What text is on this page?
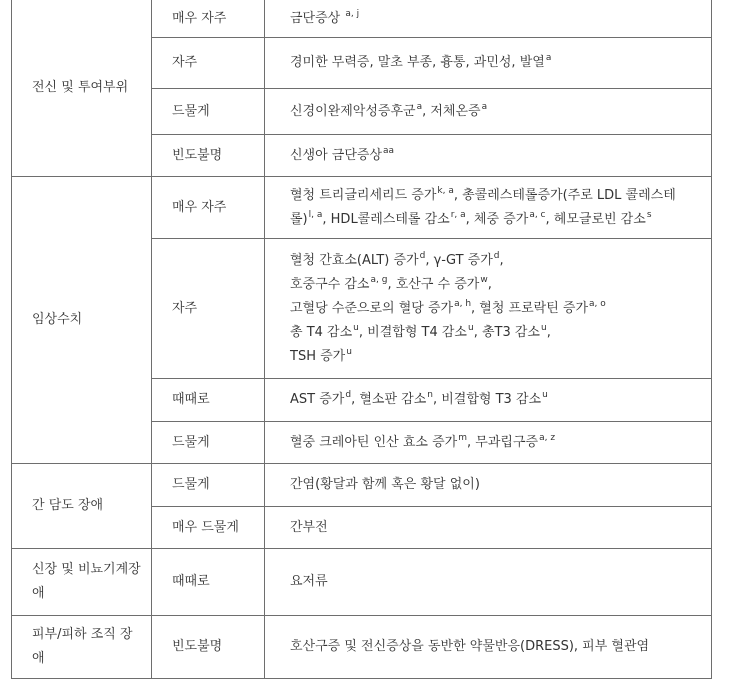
전신 및 투여부위	매우 자주	금단증상 $^{a, j}$

	자주	경미한 무력증, 말초 부종, 흉통, 과민성, 발열$^a$

	드물게	신경이완제악성증후군$^a$, 저체온증$^a$

	빈도불명	신생아 금단증상$^{aa}$

임상수치	매우 자주	혈청 트리글리세리드 증가$^{k, a}$, 총콜레스테롤증가(주로 LDL 콜레스테
롤)$^{l, a}$, HDL콜레스테롤 감소$^{r, a}$, 체중 증가$^{a, c}$, 헤모글로빈 감소$^s$

	자주	혈청 간효소(ALT) 증가$^d$, γ-GT 증가$^d$,
호중구수 감소$^{a, g}$, 호산구 수 증가$^w$,
고혈당 수준으로의 혈당 증가$^{a, h}$, 혈청 프로락틴 증가$^{a, o}$
총 T4 감소$^u$, 비결합형 T4 감소$^u$, 총T3 감소$^u$,
TSH 증가$^u$

	때때로	AST 증가$^d$, 혈소판 감소$^n$, 비결합형 T3 감소$^u$

	드물게	혈중 크레아틴 인산 효소 증가$^m$, 무과립구증$^{a, z}$

간 담도 장애	드물게	간염(황달과 함께 혹은 황달 없이)

	매우 드물게	간부전

신장 및 비뇨기계장애	때때로	요저류

피부/피하 조직 장애	빈도불명	호산구증 및 전신증상을 동반한 약물반응(DRESS), 피부 혈관염
